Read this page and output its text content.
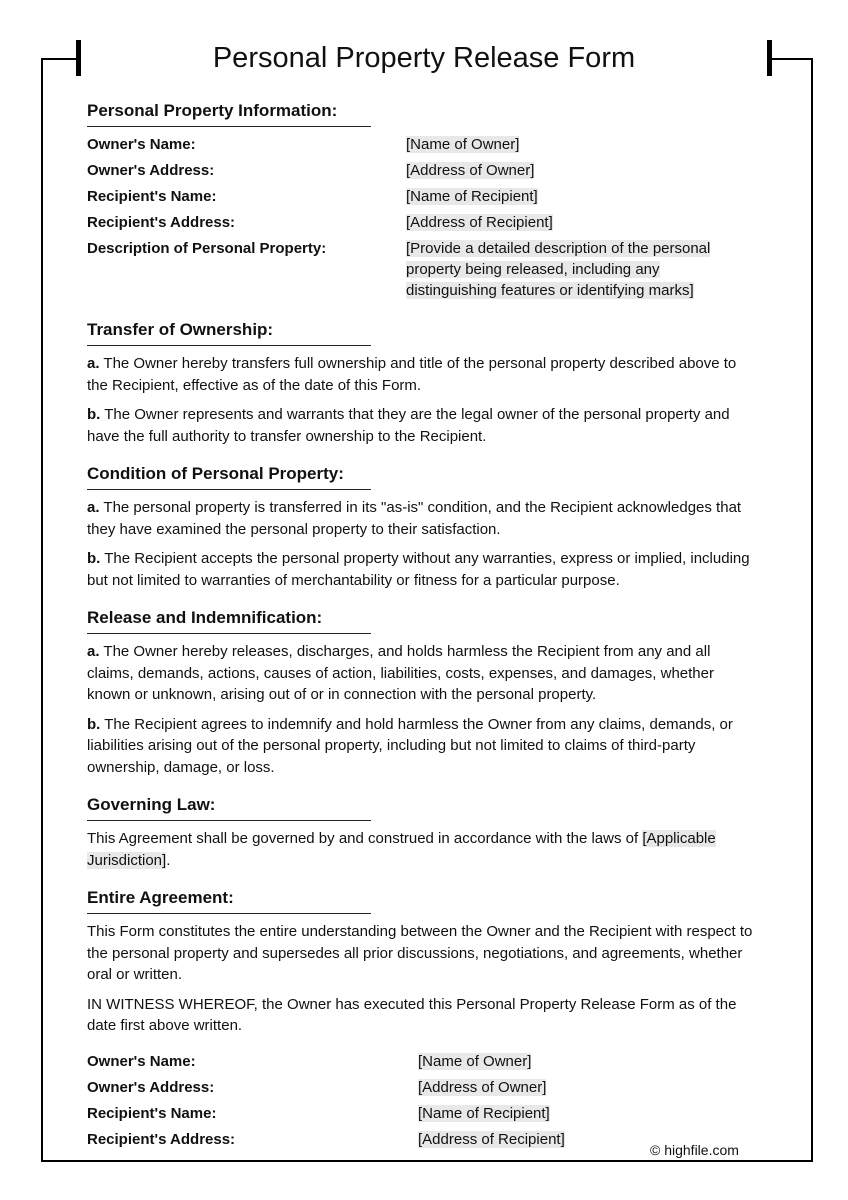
Personal Property Release Form
Personal Property Information:
Owner's Name:	[Name of Owner]
Owner's Address:	[Address of Owner]
Recipient's Name:	[Name of Recipient]
Recipient's Address:	[Address of Recipient]
Description of Personal Property:	[Provide a detailed description of the personal property being released, including any distinguishing features or identifying marks]
Transfer of Ownership:

a. The Owner hereby transfers full ownership and title of the personal property described above to the Recipient, effective as of the date of this Form.

b. The Owner represents and warrants that they are the legal owner of the personal property and have the full authority to transfer ownership to the Recipient.

Condition of Personal Property:

a. The personal property is transferred in its "as-is" condition, and the Recipient acknowledges that they have examined the personal property to their satisfaction.

b. The Recipient accepts the personal property without any warranties, express or implied, including but not limited to warranties of merchantability or fitness for a particular purpose.

Release and Indemnification:

a. The Owner hereby releases, discharges, and holds harmless the Recipient from any and all claims, demands, actions, causes of action, liabilities, costs, expenses, and damages, whether known or unknown, arising out of or in connection with the personal property.

b. The Recipient agrees to indemnify and hold harmless the Owner from any claims, demands, or liabilities arising out of the personal property, including but not limited to claims of third-party ownership, damage, or loss.

Governing Law:

This Agreement shall be governed by and construed in accordance with the laws of [Applicable Jurisdiction].

Entire Agreement:

This Form constitutes the entire understanding between the Owner and the Recipient with respect to the personal property and supersedes all prior discussions, negotiations, and agreements, whether oral or written.

IN WITNESS WHEREOF, the Owner has executed this Personal Property Release Form as of the date first above written.

Owner's Name:	[Name of Owner]
Owner's Address:	[Address of Owner]
Recipient's Name:	[Name of Recipient]
Recipient's Address:	[Address of Recipient]
© highfile.com
